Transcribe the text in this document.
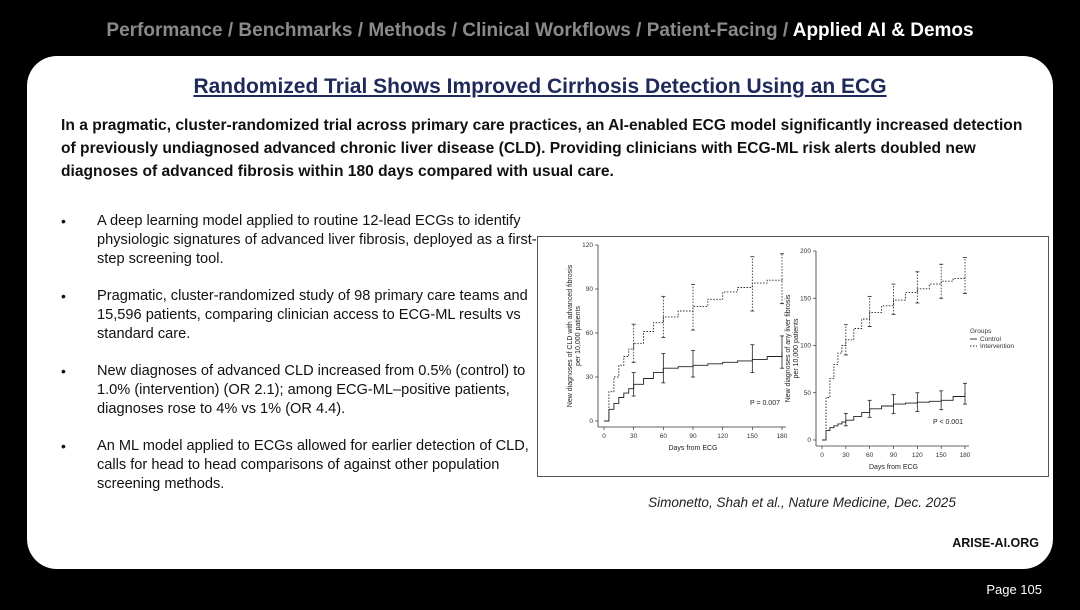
Performance / Benchmarks / Methods / Clinical Workflows / Patient-Facing / Applied AI & Demos
Randomized Trial Shows Improved Cirrhosis Detection Using an ECG
In a pragmatic, cluster-randomized trial across primary care practices, an AI-enabled ECG model significantly increased detection of previously undiagnosed advanced chronic liver disease (CLD). Providing clinicians with ECG-ML risk alerts doubled new diagnoses of advanced fibrosis within 180 days compared with usual care.
• A deep learning model applied to routine 12-lead ECGs to identify physiologic signatures of advanced liver fibrosis, deployed as a first-step screening tool.
• Pragmatic, cluster-randomized study of 98 primary care teams and 15,596 patients, comparing clinician access to ECG-ML results vs standard care.
• New diagnoses of advanced CLD increased from 0.5% (control) to 1.0% (intervention) (OR 2.1); among ECG-ML–positive patients, diagnoses rose to 4% vs 1% (OR 4.4).
• An ML model applied to ECGs allowed for earlier detection of CLD, calls for head to head comparisons of against other population screening methods.
0
30
60
90
120
0	30	60	90	120	150	180
Days from ECG
New diagnoses of CLD with advanced fibrosisper 10,000 patients
P = 0.007
0
50
100
150
200
0	30	60	90 120 150 180
Days from ECG
New diagnoses of any liver fibrosisper 10,000 patients
P < 0.001
Groups
Control
Intervention
Simonetto, Shah et al., Nature Medicine, Dec. 2025
ARISE-AI.ORG
Page 105
